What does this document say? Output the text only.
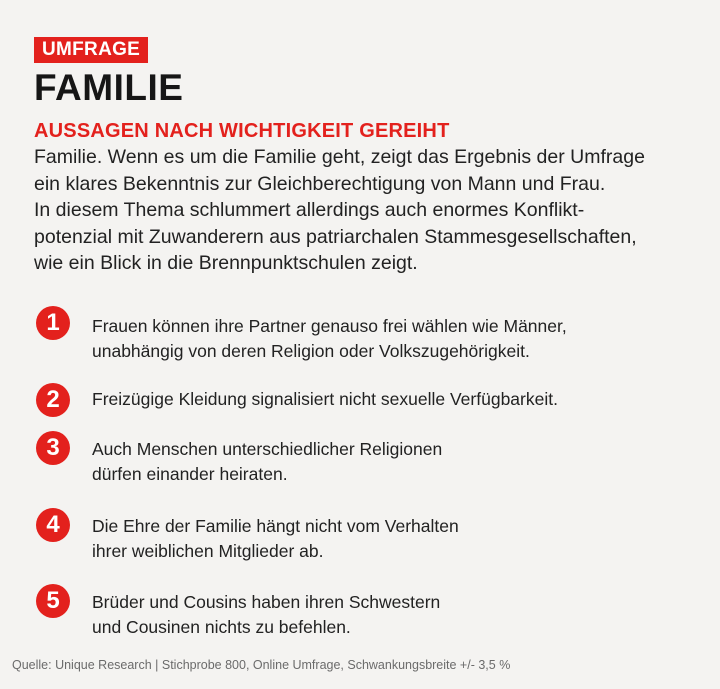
UMFRAGE
FAMILIE
AUSSAGEN NACH WICHTIGKEIT GEREIHT
Familie. Wenn es um die Familie geht, zeigt das Ergebnis der Umfrage
ein klares Bekenntnis zur Gleichberechtigung von Mann und Frau.
In diesem Thema schlummert allerdings auch enormes Konflikt-
potenzial mit Zuwanderern aus patriarchalen Stammesgesellschaften,
wie ein Blick in die Brennpunktschulen zeigt.
1	Frauen können ihre Partner genauso frei wählen wie Männer,
unabhängig von deren Religion oder Volkszugehörigkeit.
2	Freizügige Kleidung signalisiert nicht sexuelle Verfügbarkeit.
3	Auch Menschen unterschiedlicher Religionen
dürfen einander heiraten.
4	Die Ehre der Familie hängt nicht vom Verhalten
ihrer weiblichen Mitglieder ab.
5	Brüder und Cousins haben ihren Schwestern
und Cousinen nichts zu befehlen.
Quelle: Unique Research | Stichprobe 800, Online Umfrage, Schwankungsbreite +/- 3,5 %
